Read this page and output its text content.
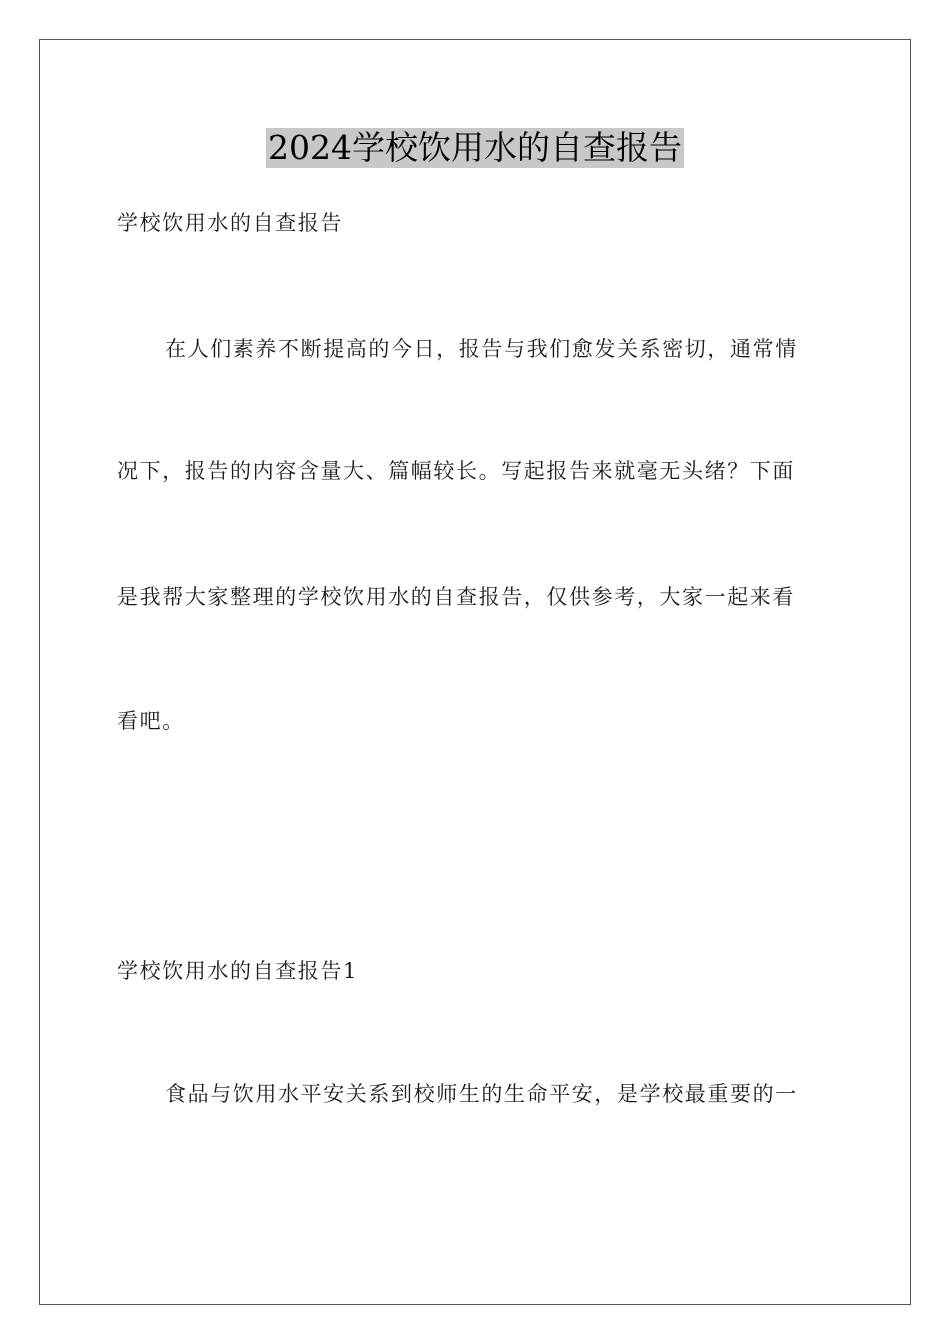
2024学校饮用水的自查报告
学校饮用水的自查报告
在人们素养不断提高的今日，报告与我们愈发关系密切，通常情
况下，报告的内容含量大、篇幅较长。写起报告来就毫无头绪？下面
是我帮大家整理的学校饮用水的自查报告，仅供参考，大家一起来看
看吧。
学校饮用水的自查报告1
食品与饮用水平安关系到校师生的生命平安，是学校最重要的一
